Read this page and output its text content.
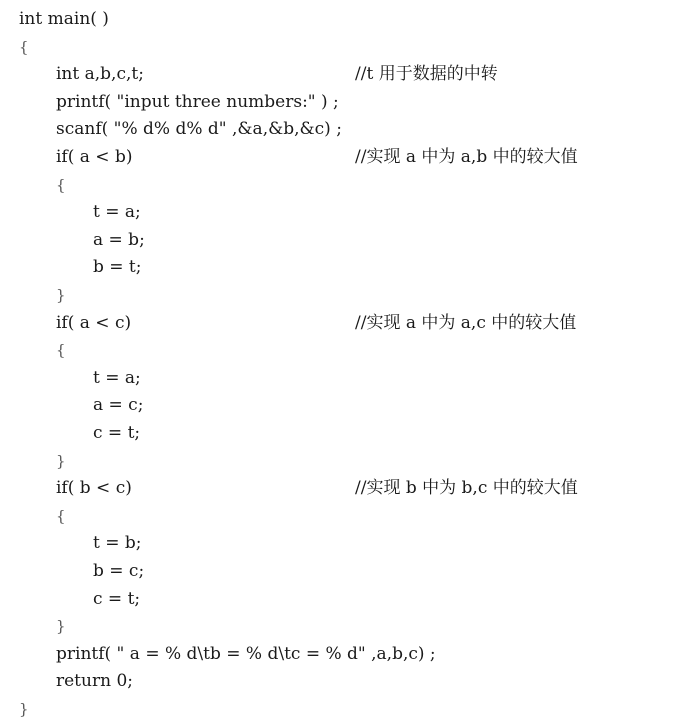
int main( )
{
int a,b,c,t;	//t 用于数据的中转
printf( "input three numbers:" ) ;
scanf( "% d% d% d" ,&a,&b,&c) ;
if( a < b)	//实现 a 中为 a,b 中的较大值
{
t = a;
a = b;
b = t;
}
if( a < c)	//实现 a 中为 a,c 中的较大值
{
t = a;
a = c;
c = t;
}
if( b < c)	//实现 b 中为 b,c 中的较大值
{
t = b;
b = c;
c = t;
}
printf( " a = % d\tb = % d\tc = % d" ,a,b,c) ;
return 0;
}
